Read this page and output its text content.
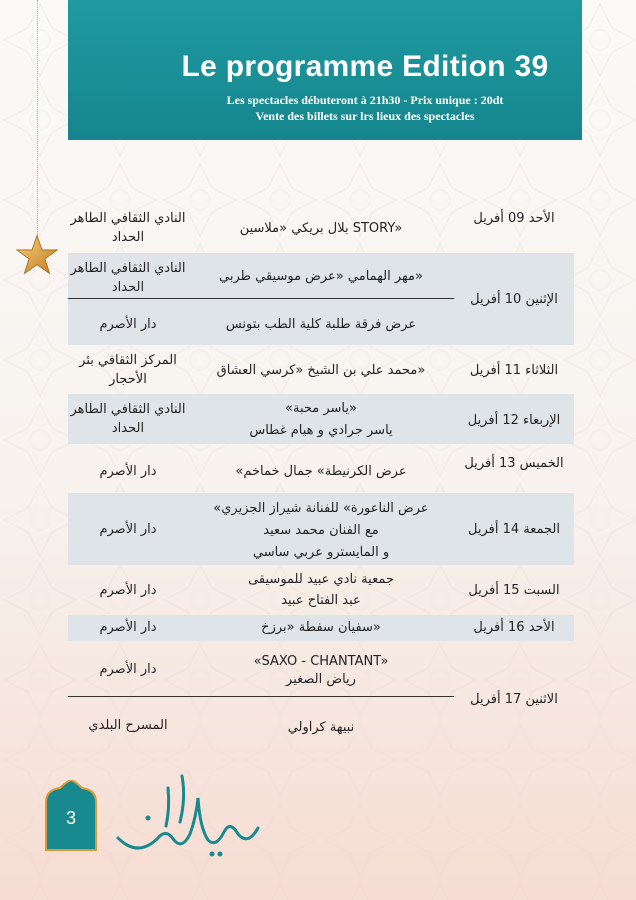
Le programme Edition 39
Les spectacles débuteront à 21h30 - Prix unique : 20dt
Vente des billets sur lrs lieux des spectacles
الأحد 09 أفريل
بلال بريكي «ملاسين STORY»
النادي الثقافي الطاهر الحداد
الإثنين 10 أفريل
مهر الهمامي «عرض موسيقي طربي»
النادي الثقافي الطاهر الحداد
عرض فرقة طلبة كلية الطب بتونس
دار الأصرم
الثلاثاء 11 أفريل
محمد علي بن الشيخ «كرسي العشاق»
المركز الثقافي بئر الأحجار
الإربعاء 12 أفريل
«ياسر محبة»
ياسر جرادي و هيام غطاس
النادي الثقافي الطاهر الحداد
الخميس 13 أفريل
«عرض الكرنيطة» جمال خماخم
دار الأصرم
الجمعة 14 أفريل
«عرض الناعورة» للفنانة شيراز الجزيري
مع الفنان محمد سعيد
و المايسترو عربي ساسي
دار الأصرم
السبت 15 أفريل
جمعية نادي عبيد للموسيقى
عبد الفتاح عبيد
دار الأصرم
الأحد 16 أفريل
سفيان سفطة «برزخ»
دار الأصرم
الاثنين 17 أفريل
«SAXO - CHANTANT»
رياض الصغير
دار الأصرم
نبيهة كراولي
المسرح البلدي
3
